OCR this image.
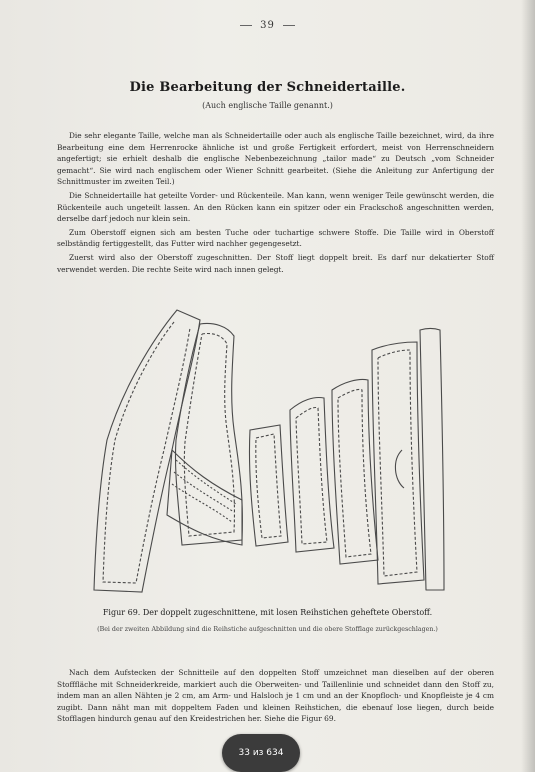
39
Die Bearbeitung der Schneidertaille.
(Auch englische Taille genannt.)

Die sehr elegante Taille, welche man als Schneidertaille oder auch als englische Taille bezeichnet, wird, da ihre Bearbeitung eine dem Herrenrocke ähnliche ist und große Fertigkeit erfordert, meist von Herrenschneidern angefertigt; sie erhielt deshalb die englische Nebenbezeichnung „tailor made“ zu Deutsch „vom Schneider gemacht“. Sie wird nach englischem oder Wiener Schnitt gearbeitet. (Siehe die Anleitung zur Anfertigung der Schnittmuster im zweiten Teil.)

Die Schneidertaille hat geteilte Vorder- und Rückenteile. Man kann, wenn weniger Teile gewünscht werden, die Rückenteile auch ungeteilt lassen. An den Rücken kann ein spitzer oder ein Frackschoß angeschnitten werden, derselbe darf jedoch nur klein sein.

Zum Oberstoff eignen sich am besten Tuche oder tuchartige schwere Stoffe. Die Taille wird in Oberstoff selbständig fertiggestellt, das Futter wird nachher gegengesetzt.

Zuerst wird also der Oberstoff zugeschnitten. Der Stoff liegt doppelt breit. Es darf nur dekatierter Stoff verwendet werden. Die rechte Seite wird nach innen gelegt.

Figur 69. Der doppelt zugeschnittene, mit losen Reihstichen geheftete Oberstoff.
(Bei der zweiten Abbildung sind die Reihstiche aufgeschnitten und die obere Stofflage zurückgeschlagen.)

Nach dem Aufstecken der Schnitteile auf den doppelten Stoff umzeichnet man dieselben auf der oberen Stofffläche mit Schneiderkreide, markiert auch die Oberweiten- und Taillenlinie und schneidet dann den Stoff zu, indem man an allen Nähten je 2 cm, am Arm- und Halsloch je 1 cm und an der Knopfloch- und Knopfleiste je 4 cm zugibt. Dann näht man mit doppeltem Faden und kleinen Reihstichen, die ebenauf lose liegen, durch beide Stofflagen hindurch genau auf den Kreidestrichen her. Siehe die Figur 69.

33 из 634
